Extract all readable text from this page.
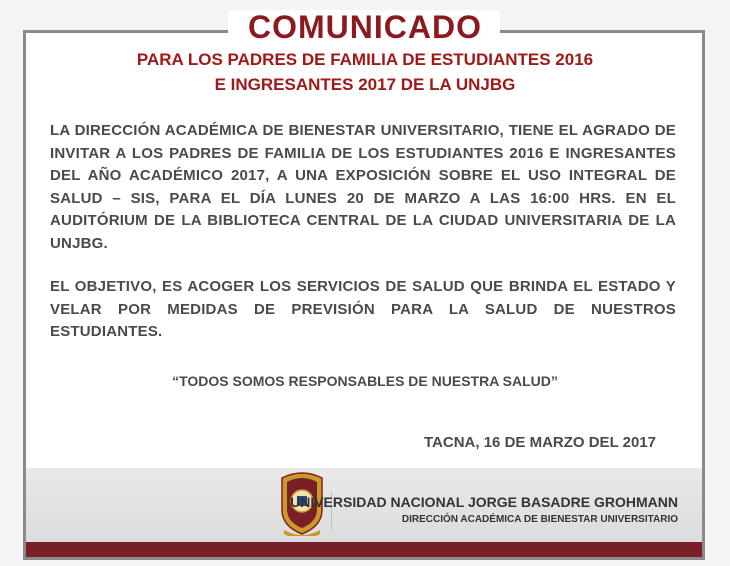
COMUNICADO

PARA LOS PADRES DE FAMILIA DE ESTUDIANTES 2016

E INGRESANTES 2017 DE LA UNJBG

LA DIRECCIÓN ACADÉMICA DE BIENESTAR UNIVERSITARIO, TIENE EL AGRADO DE INVITAR A LOS PADRES DE FAMILIA DE LOS ESTUDIANTES 2016 E INGRESANTES DEL AÑO ACADÉMICO 2017, A UNA EXPOSICIÓN SOBRE EL USO INTEGRAL DE SALUD – SIS, PARA EL DÍA LUNES 20 DE MARZO A LAS 16:00 HRS. EN EL AUDITÓRIUM DE LA BIBLIOTECA CENTRAL DE LA CIUDAD UNIVERSITARIA DE LA UNJBG.

EL OBJETIVO, ES ACOGER LOS SERVICIOS DE SALUD QUE BRINDA EL ESTADO Y VELAR POR MEDIDAS DE PREVISIÓN PARA LA SALUD DE NUESTROS ESTUDIANTES.

“TODOS SOMOS RESPONSABLES DE NUESTRA SALUD”

TACNA, 16 DE MARZO DEL 2017

UNIVERSIDAD NACIONAL JORGE BASADRE GROHMANN

DIRECCIÓN ACADÉMICA DE BIENESTAR UNIVERSITARIO
